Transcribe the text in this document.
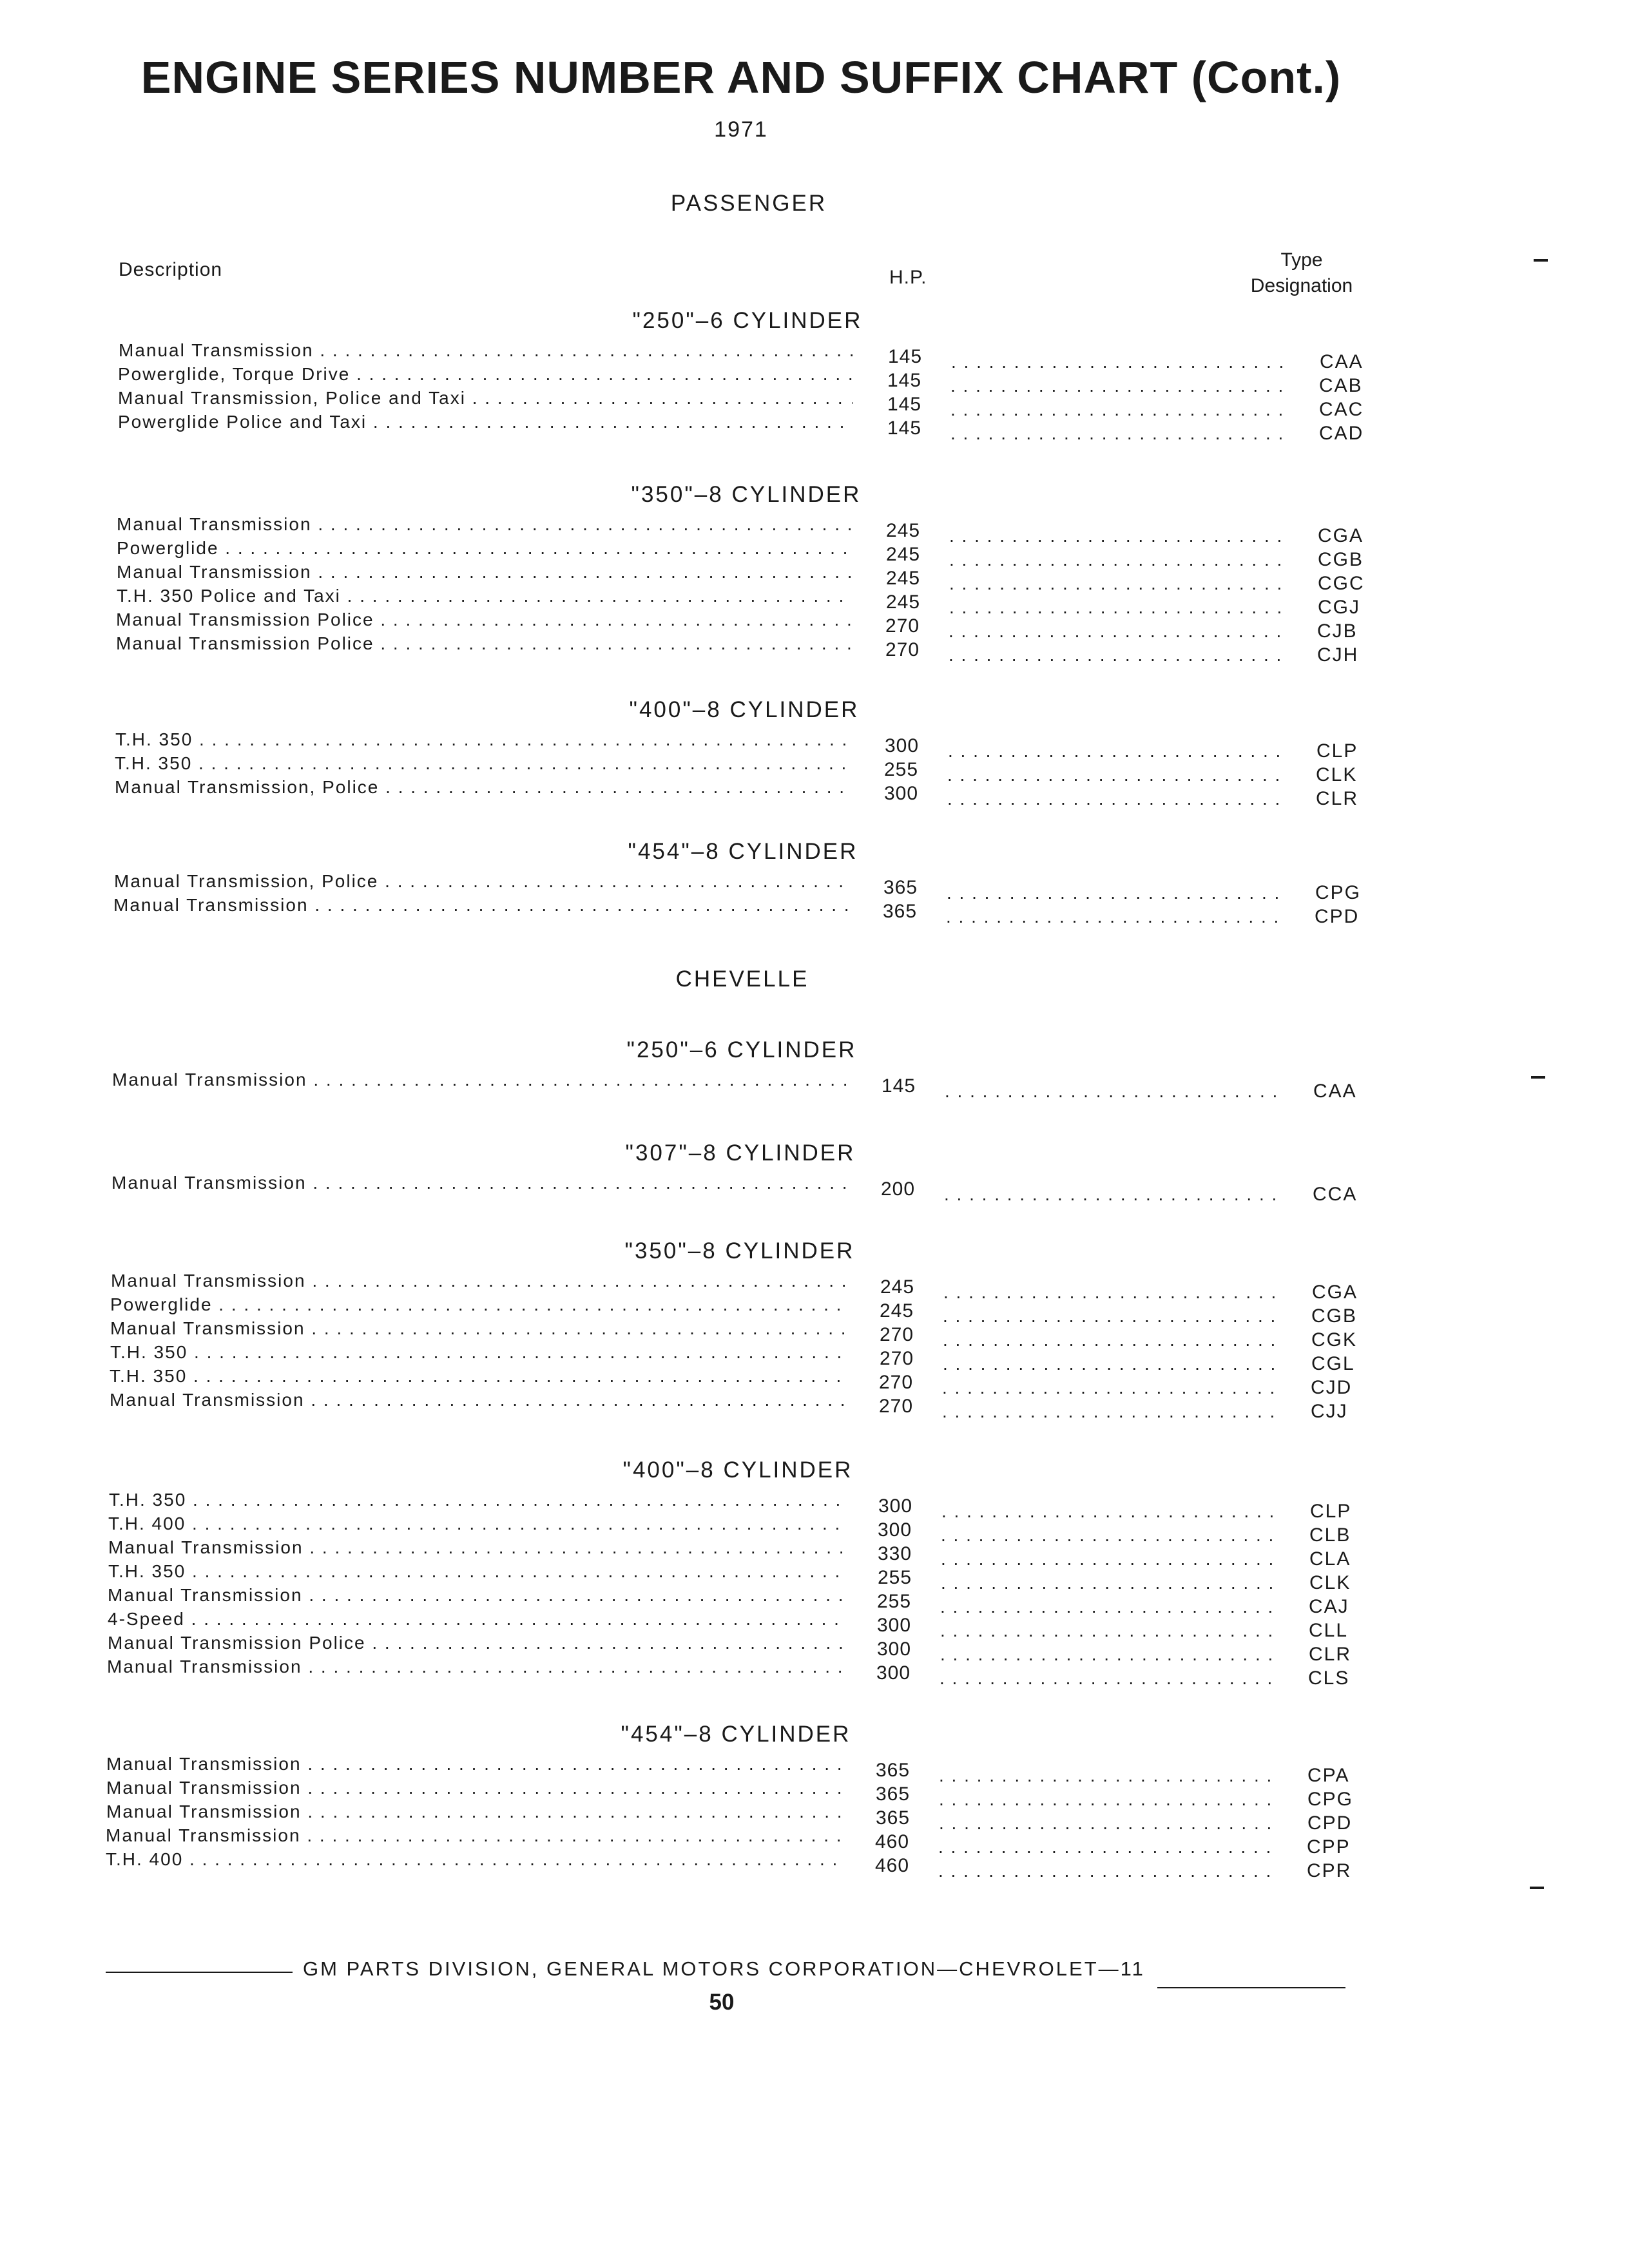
ENGINE SERIES NUMBER AND SUFFIX CHART (Cont.)
1971
Description	H.P.
Type
Designation
PASSENGER
"250"–6 CYLINDER
Manual Transmission . . .	145 . . .	CAA
Powerglide, Torque Drive . . .	145 . . .	CAB
Manual Transmission, Police and Taxi . . .	145 . . .	CAC
Powerglide Police and Taxi . . .	145 . . .	CAD
"350"–8 CYLINDER
Manual Transmission . . .	245 . . .	CGA
Powerglide . . .	245 . . .	CGB
Manual Transmission . . .	245 . . .	CGC
T.H. 350 Police and Taxi . . .	245 . . .	CGJ
Manual Transmission Police . . .	270 . . .	CJB
Manual Transmission Police . . .	270 . . .	CJH
"400"–8 CYLINDER
T.H. 350 . . .	300 . . .	CLP
T.H. 350 . . .	255 . . .	CLK
Manual Transmission, Police . . .	300 . . .	CLR
"454"–8 CYLINDER
Manual Transmission, Police . . .	365 . . .	CPG
Manual Transmission . . .	365 . . .	CPD
CHEVELLE
"250"–6 CYLINDER
Manual Transmission . . .	145 . . .	CAA
"307"–8 CYLINDER
Manual Transmission . . .	200 . . .	CCA
"350"–8 CYLINDER
Manual Transmission . . .	245 . . .	CGA
Powerglide . . .	245 . . .	CGB
Manual Transmission . . .	270 . . .	CGK
T.H. 350 . . .	270 . . .	CGL
T.H. 350 . . .	270 . . .	CJD
Manual Transmission . . .	270 . . .	CJJ
"400"–8 CYLINDER
T.H. 350 . . .	300 . . .	CLP
T.H. 400 . . .	300 . . .	CLB
Manual Transmission . . .	330 . . .	CLA
T.H. 350 . . .	255 . . .	CLK
Manual Transmission . . .	255 . . .	CAJ
4-Speed . . .	300 . . .	CLL
Manual Transmission Police . . .	300 . . .	CLR
Manual Transmission . . .	300 . . .	CLS
"454"–8 CYLINDER
Manual Transmission . . .	365 . . .	CPA
Manual Transmission . . .	365 . . .	CPG
Manual Transmission . . .	365 . . .	CPD
Manual Transmission . . .	460 . . .	CPP
T.H. 400 . . .	460 . . .	CPR
GM PARTS DIVISION, GENERAL MOTORS CORPORATION—CHEVROLET—11
50
